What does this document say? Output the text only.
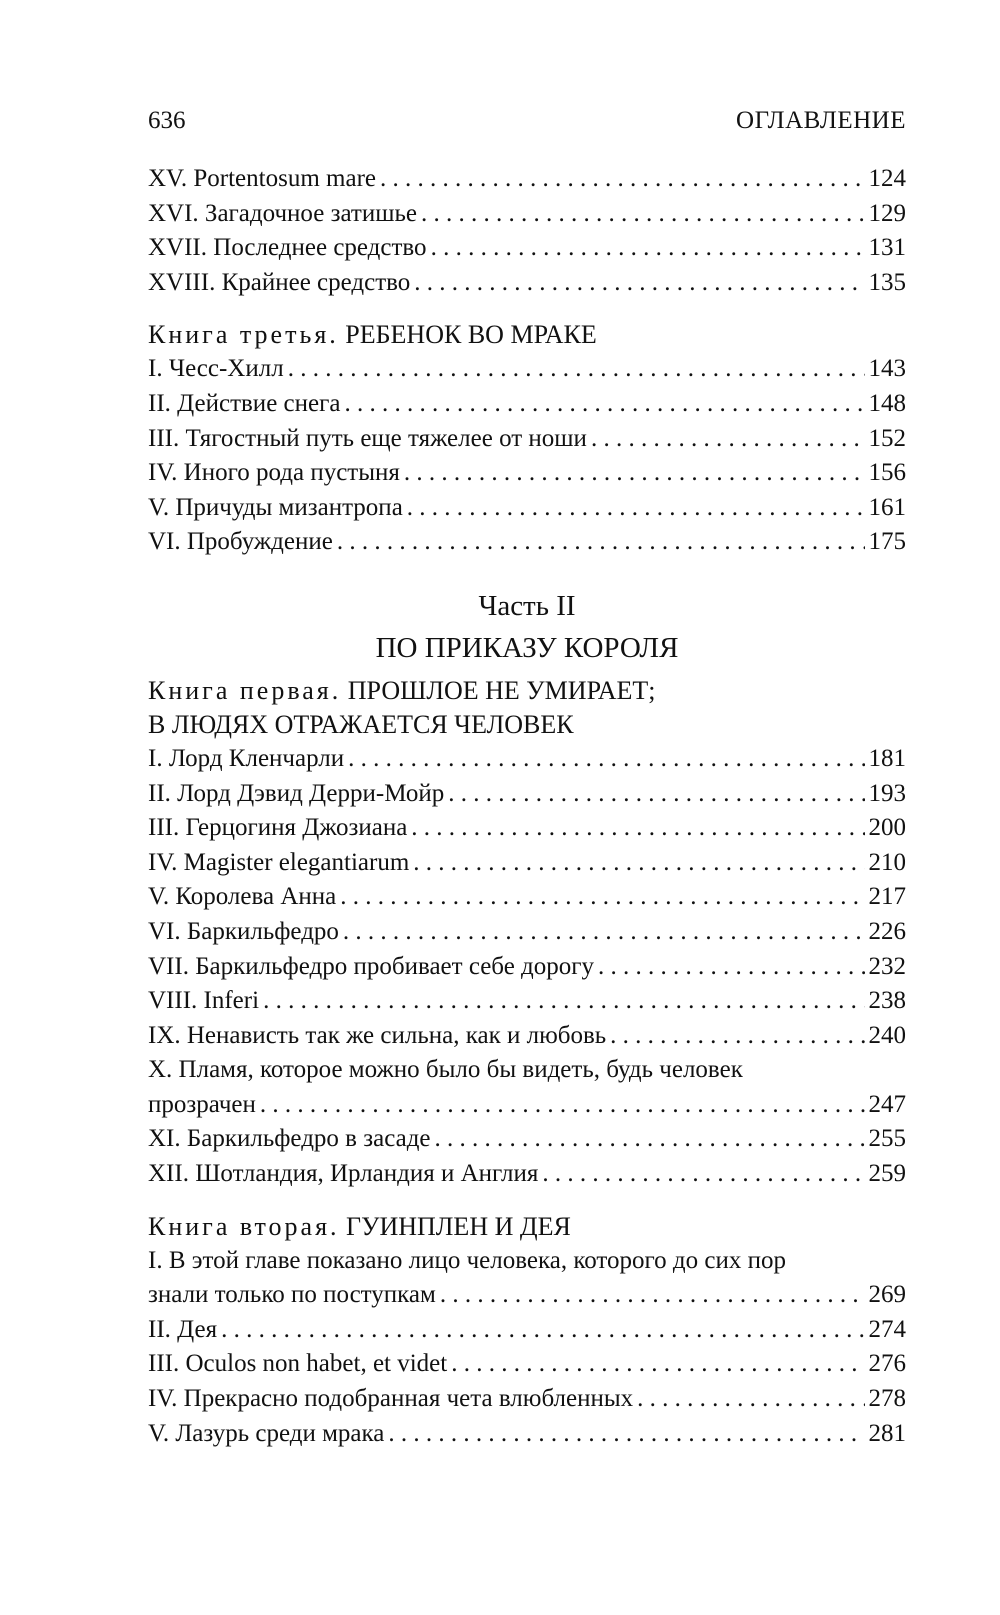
636	ОГЛАВЛЕНИЕ
XV. Portentosum mare . . .	124
XVI. Загадочное затишье . . .	129
XVII. Последнее средство . . .	131
XVIII. Крайнее средство . . .	135
Книга третья. РЕБЕНОК ВО МРАКЕ
I. Чесс-Хилл . . .	143
II. Действие снега . . .	148
III. Тягостный путь еще тяжелее от ноши . . .	152
IV. Иного рода пустыня . . .	156
V. Причуды мизантропа . . .	161
VI. Пробуждение . . .	175
Часть II
ПО ПРИКАЗУ КОРОЛЯ
Книга первая. ПРОШЛОЕ НЕ УМИРАЕТ;
В ЛЮДЯХ ОТРАЖАЕТСЯ ЧЕЛОВЕК
I. Лорд Кленчарли . . .	181
II. Лорд Дэвид Дерри-Мойр . . .	193
III. Герцогиня Джозиана . . .	200
IV. Magister elegantiarum . . .	210
V. Королева Анна . . .	217
VI. Баркильфедро . . .	226
VII. Баркильфедро пробивает себе дорогу . . .	232
VIII. Inferi . . .	238
IX. Ненависть так же сильна, как и любовь . . .	240
X. Пламя, которое можно было бы видеть, будь человек
прозрачен . . .	247
XI. Баркильфедро в засаде . . .	255
XII. Шотландия, Ирландия и Англия . . .	259
Книга вторая. ГУИНПЛЕН И ДЕЯ
I. В этой главе показано лицо человека, которого до сих пор
знали только по поступкам . . .	269
II. Дея . . .	274
III. Oculos non habet, et videt . . .	276
IV. Прекрасно подобранная чета влюбленных . . .	278
V. Лазурь среди мрака . . .	281
